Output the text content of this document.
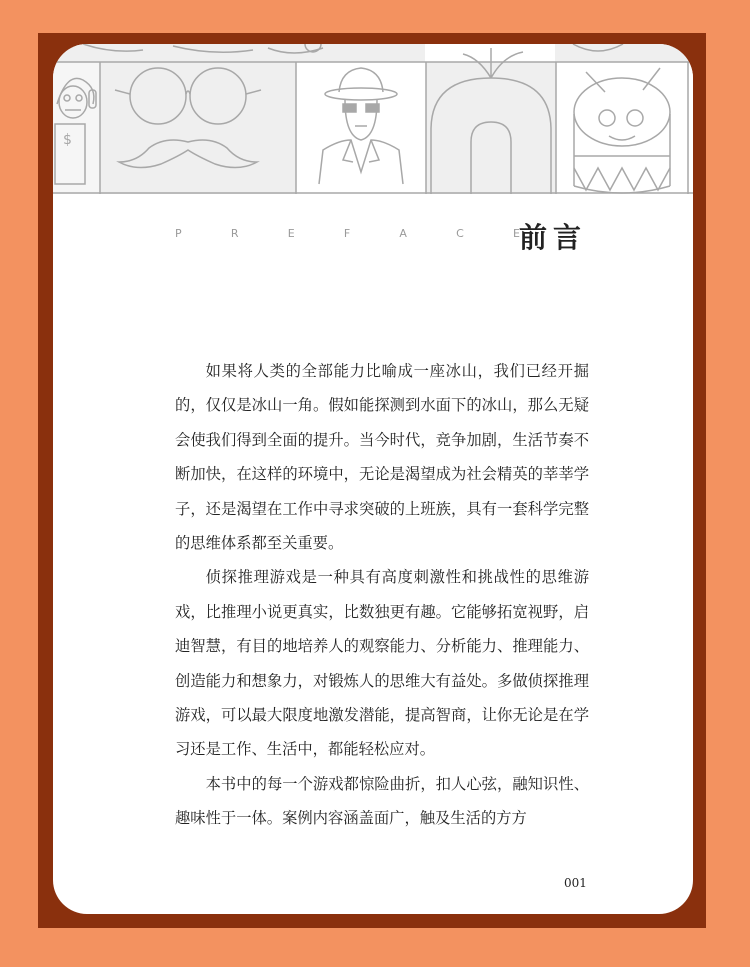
$
P	R	E	F	A	C	E 前言

如果将人类的全部能力比喻成一座冰山，我们已经开掘的，仅仅是冰山一角。假如能探测到水面下的冰山，那么无疑会使我们得到全面的提升。当今时代，竞争加剧，生活节奏不断加快，在这样的环境中，无论是渴望成为社会精英的莘莘学子，还是渴望在工作中寻求突破的上班族，具有一套科学完整的思维体系都至关重要。

侦探推理游戏是一种具有高度刺激性和挑战性的思维游戏，比推理小说更真实，比数独更有趣。它能够拓宽视野，启迪智慧，有目的地培养人的观察能力、分析能力、推理能力、创造能力和想象力，对锻炼人的思维大有益处。多做侦探推理游戏，可以最大限度地激发潜能，提高智商，让你无论是在学习还是工作、生活中，都能轻松应对。

本书中的每一个游戏都惊险曲折，扣人心弦，融知识性、趣味性于一体。案例内容涵盖面广，触及生活的方方

001
